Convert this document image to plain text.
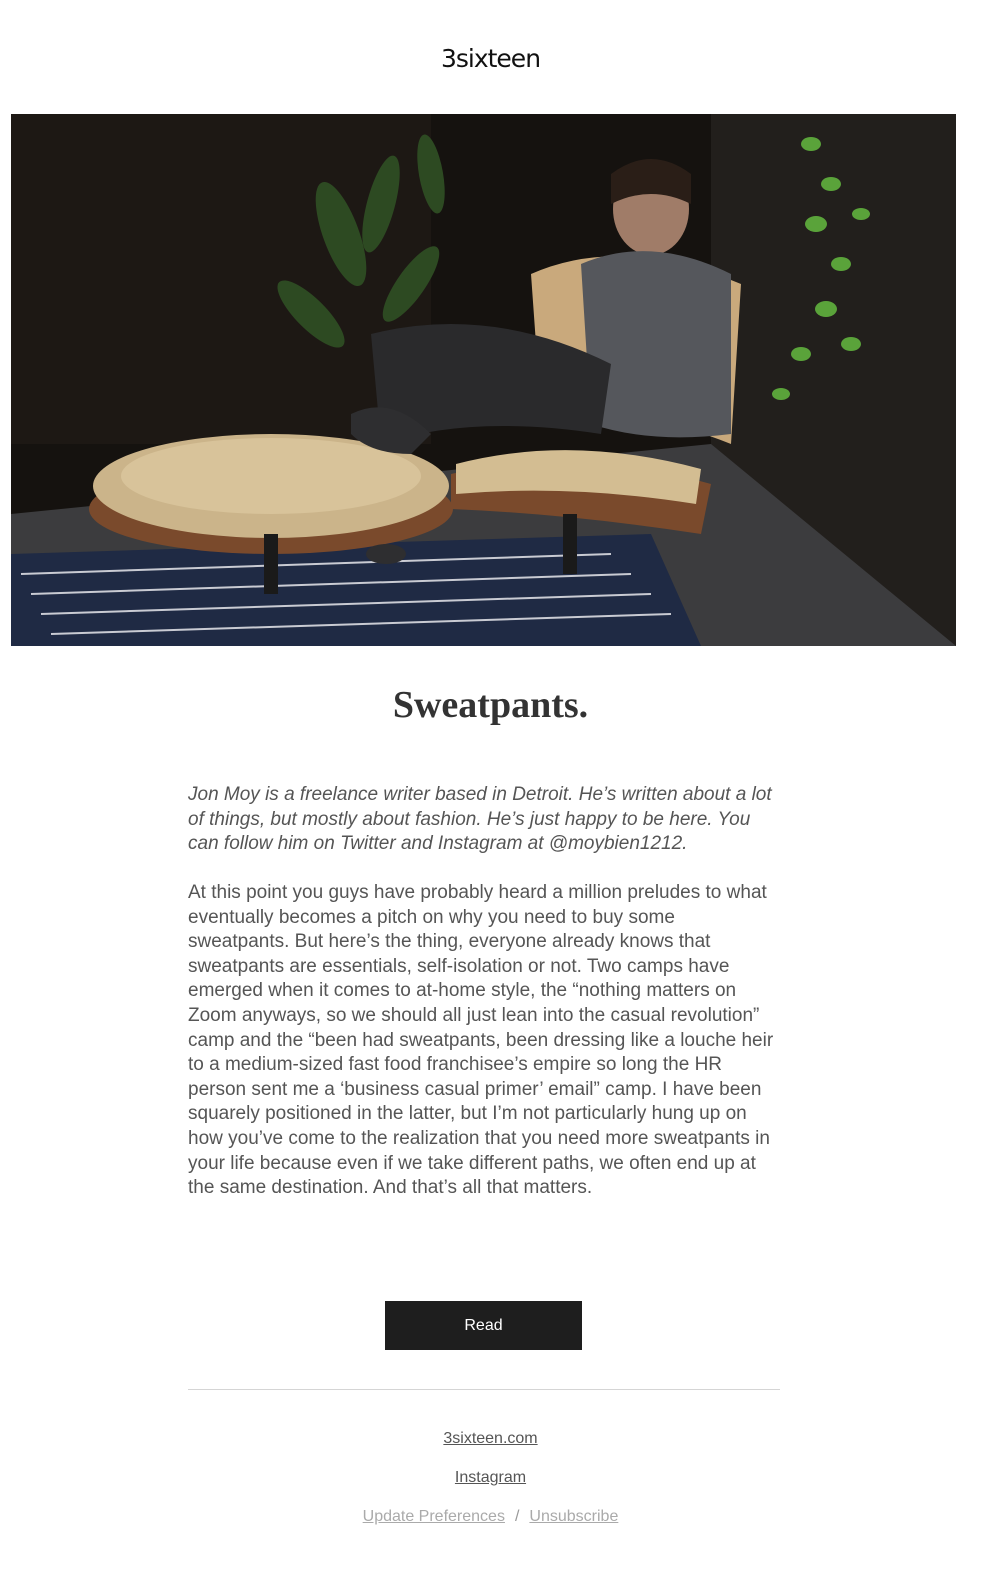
3sixteen
Sweatpants.

Jon Moy is a freelance writer based in Detroit. He’s written about a lot of things, but mostly about fashion. He’s just happy to be here. You can follow him on Twitter and Instagram at @moybien1212.

At this point you guys have probably heard a million preludes to what eventually becomes a pitch on why you need to buy some sweatpants. But here’s the thing, everyone already knows that sweatpants are essentials, self-isolation or not. Two camps have emerged when it comes to at-home style, the “nothing matters on Zoom anyways, so we should all just lean into the casual revolution” camp and the “been had sweatpants, been dressing like a louche heir to a medium-sized fast food franchisee’s empire so long the HR person sent me a ‘business casual primer’ email” camp. I have been squarely positioned in the latter, but I’m not particularly hung up on how you’ve come to the realization that you need more sweatpants in your life because even if we take different paths, we often end up at the same destination. And that’s all that matters.

Read
3sixteen.com
Instagram
Update Preferences / Unsubscribe
